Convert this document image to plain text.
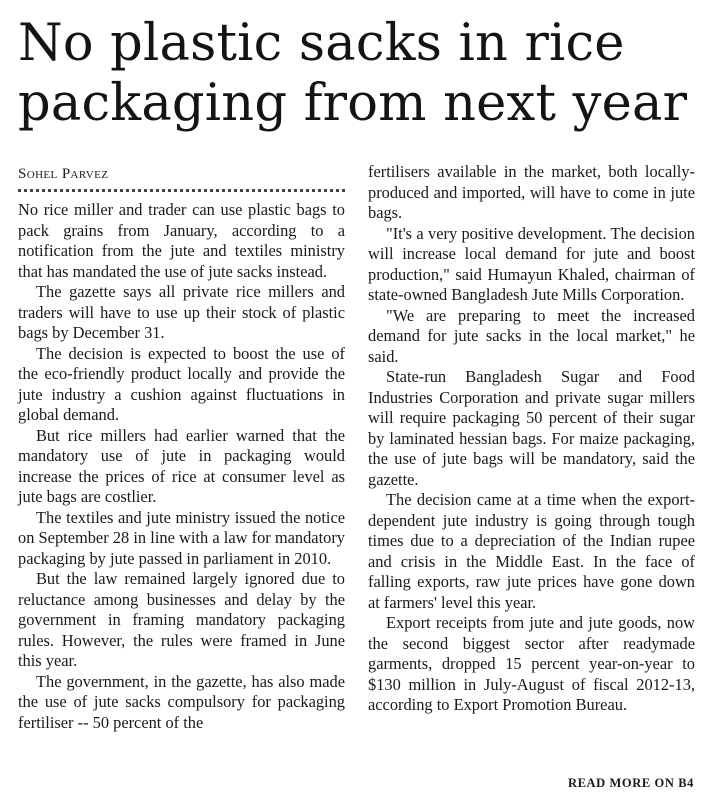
No plastic sacks in rice packaging from next year
Sohel Parvez

No rice miller and trader can use plastic bags to pack grains from January, according to a notification from the jute and textiles ministry that has mandated the use of jute sacks instead.

The gazette says all private rice millers and traders will have to use up their stock of plastic bags by December 31.

The decision is expected to boost the use of the eco-friendly product locally and provide the jute industry a cushion against fluctuations in global demand.

But rice millers had earlier warned that the mandatory use of jute in packaging would increase the prices of rice at consumer level as jute bags are costlier.

The textiles and jute ministry issued the notice on September 28 in line with a law for mandatory packaging by jute passed in parliament in 2010.

But the law remained largely ignored due to reluctance among businesses and delay by the government in framing mandatory packaging rules. However, the rules were framed in June this year.

The government, in the gazette, has also made the use of jute sacks compulsory for packaging fertiliser -- 50 percent of the

fertilisers available in the market, both locally-produced and imported, will have to come in jute bags.

"It's a very positive development. The decision will increase local demand for jute and boost production," said Humayun Khaled, chairman of state-owned Bangladesh Jute Mills Corporation.

"We are preparing to meet the increased demand for jute sacks in the local market," he said.

State-run Bangladesh Sugar and Food Industries Corporation and private sugar millers will require packaging 50 percent of their sugar by laminated hessian bags. For maize packaging, the use of jute bags will be mandatory, said the gazette.

The decision came at a time when the export-dependent jute industry is going through tough times due to a depreciation of the Indian rupee and crisis in the Middle East. In the face of falling exports, raw jute prices have gone down at farmers' level this year.

Export receipts from jute and jute goods, now the second biggest sector after readymade garments, dropped 15 percent year-on-year to $130 million in July-August of fiscal 2012-13, according to Export Promotion Bureau.

READ MORE ON B4
